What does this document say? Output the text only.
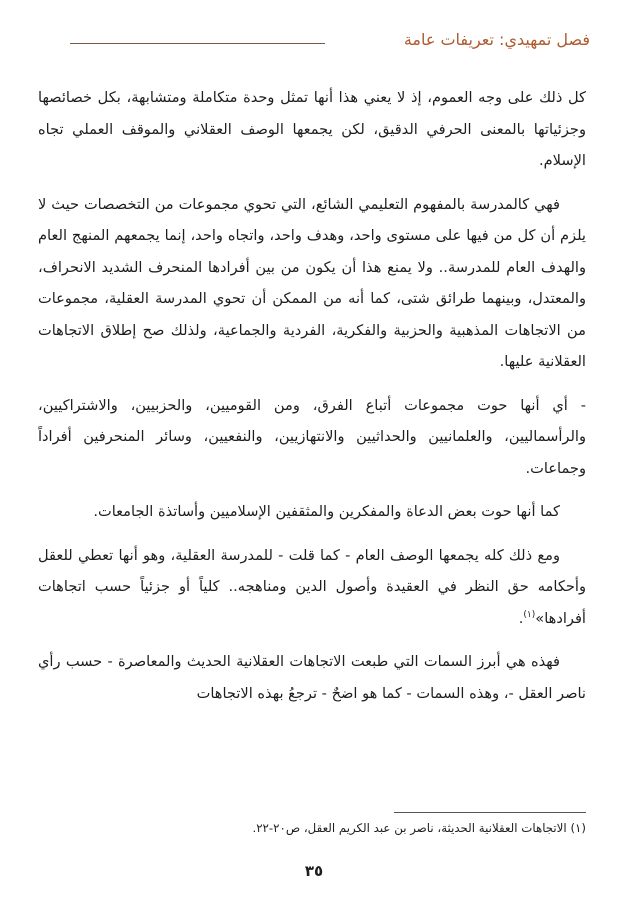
فصل تمهيدي: تعريفات عامة

كل ذلك على وجه العموم، إذ لا يعني هذا أنها تمثل وحدة متكاملة ومتشابهة، بكل خصائصها وجزئياتها بالمعنى الحرفي الدقيق، لكن يجمعها الوصف العقلاني والموقف العملي تجاه الإسلام.

فهي كالمدرسة بالمفهوم التعليمي الشائع، التي تحوي مجموعات من التخصصات حيث لا يلزم أن كل من فيها على مستوى واحد، وهدف واحد، واتجاه واحد، إنما يجمعهم المنهج العام والهدف العام للمدرسة.. ولا يمنع هذا أن يكون من بين أفرادها المنحرف الشديد الانحراف، والمعتدل، وبينهما طرائق شتى، كما أنه من الممكن أن تحوي المدرسة العقلية، مجموعات من الاتجاهات المذهبية والحزبية والفكرية، الفردية والجماعية، ولذلك صح إطلاق الاتجاهات العقلانية عليها.

- أي أنها حوت مجموعات أتباع الفرق، ومن القوميين، والحزبيين، والاشتراكيين، والرأسماليين، والعلمانيين والحداثيين والانتهازيين، والنفعيين، وسائر المنحرفين أفراداً وجماعات.

كما أنها حوت بعض الدعاة والمفكرين والمثقفين الإسلاميين وأساتذة الجامعات.

ومع ذلك كله يجمعها الوصف العام - كما قلت - للمدرسة العقلية، وهو أنها تعطي للعقل وأحكامه حق النظر في العقيدة وأصول الدين ومناهجه.. كلياً أو جزئياً حسب اتجاهات أفرادها»$^{(١)}$.

فهذه هي أبرز السمات التي طبعت الاتجاهات العقلانية الحديث والمعاصرة - حسب رأي ناصر العقل -، وهذه السمات - كما هو اضحٌ - ترجعُ بهذه الاتجاهات

(١) الاتجاهات العقلانية الحديثة، ناصر بن عبد الكريم العقل، ص٢٠-٢٢.
٣٥
